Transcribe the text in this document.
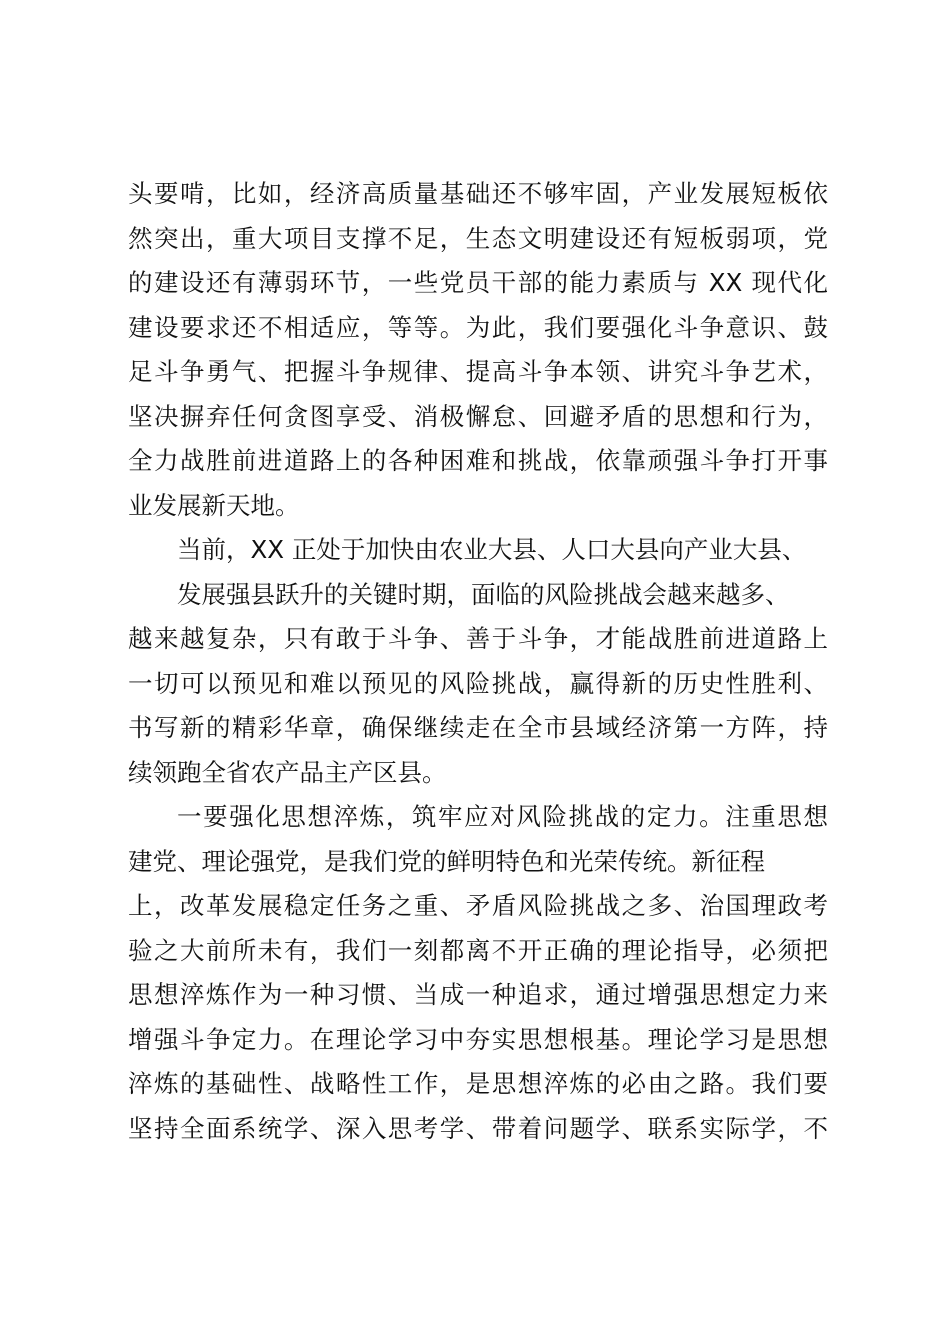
头要啃，比如，经济高质量基础还不够牢固，产业发展短板依
然突出，重大项目支撑不足，生态文明建设还有短板弱项，党
的建设还有薄弱环节，一些党员干部的能力素质与 XX 现代化
建设要求还不相适应，等等。为此，我们要强化斗争意识、鼓
足斗争勇气、把握斗争规律、提高斗争本领、讲究斗争艺术，
坚决摒弃任何贪图享受、消极懈怠、回避矛盾的思想和行为，
全力战胜前进道路上的各种困难和挑战，依靠顽强斗争打开事
业发展新天地。
当前，XX 正处于加快由农业大县、人口大县向产业大县、
发展强县跃升的关键时期，面临的风险挑战会越来越多、
越来越复杂，只有敢于斗争、善于斗争，才能战胜前进道路上
一切可以预见和难以预见的风险挑战，赢得新的历史性胜利、
书写新的精彩华章，确保继续走在全市县域经济第一方阵，持
续领跑全省农产品主产区县。
一要强化思想淬炼，筑牢应对风险挑战的定力。注重思想
建党、理论强党，是我们党的鲜明特色和光荣传统。新征程
上，改革发展稳定任务之重、矛盾风险挑战之多、治国理政考
验之大前所未有，我们一刻都离不开正确的理论指导，必须把
思想淬炼作为一种习惯、当成一种追求，通过增强思想定力来
增强斗争定力。在理论学习中夯实思想根基。理论学习是思想
淬炼的基础性、战略性工作，是思想淬炼的必由之路。我们要
坚持全面系统学、深入思考学、带着问题学、联系实际学，不
